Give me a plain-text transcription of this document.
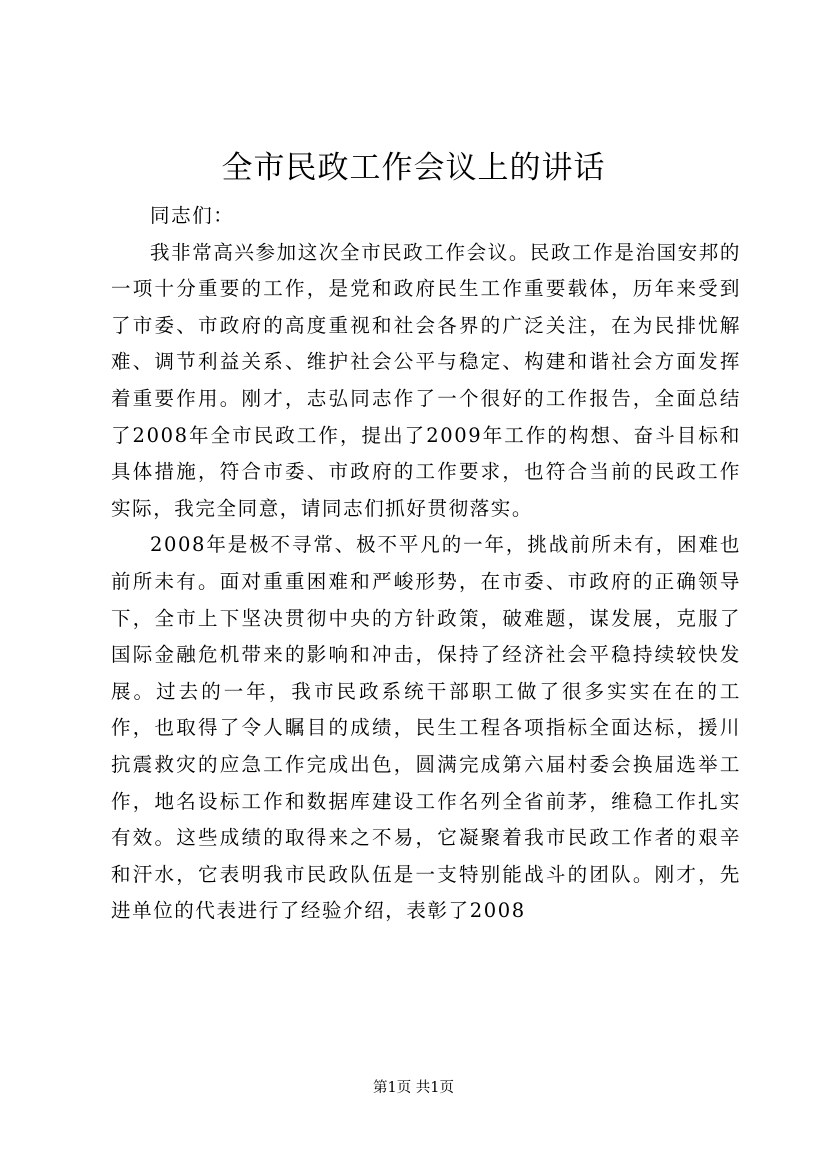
全市民政工作会议上的讲话

同志们：

我非常高兴参加这次全市民政工作会议。民政工作是治国安邦的一项十分重要的工作，是党和政府民生工作重要载体，历年来受到了市委、市政府的高度重视和社会各界的广泛关注，在为民排忧解难、调节利益关系、维护社会公平与稳定、构建和谐社会方面发挥着重要作用。刚才，志弘同志作了一个很好的工作报告，全面总结了2008年全市民政工作，提出了2009年工作的构想、奋斗目标和具体措施，符合市委、市政府的工作要求，也符合当前的民政工作实际，我完全同意，请同志们抓好贯彻落实。

2008年是极不寻常、极不平凡的一年，挑战前所未有，困难也前所未有。面对重重困难和严峻形势，在市委、市政府的正确领导下，全市上下坚决贯彻中央的方针政策，破难题，谋发展，克服了国际金融危机带来的影响和冲击，保持了经济社会平稳持续较快发展。过去的一年，我市民政系统干部职工做了很多实实在在的工作，也取得了令人瞩目的成绩，民生工程各项指标全面达标，援川抗震救灾的应急工作完成出色，圆满完成第六届村委会换届选举工作，地名设标工作和数据库建设工作名列全省前茅，维稳工作扎实有效。这些成绩的取得来之不易，它凝聚着我市民政工作者的艰辛和汗水，它表明我市民政队伍是一支特别能战斗的团队。刚才，先进单位的代表进行了经验介绍，表彰了2008

第1页 共1页
